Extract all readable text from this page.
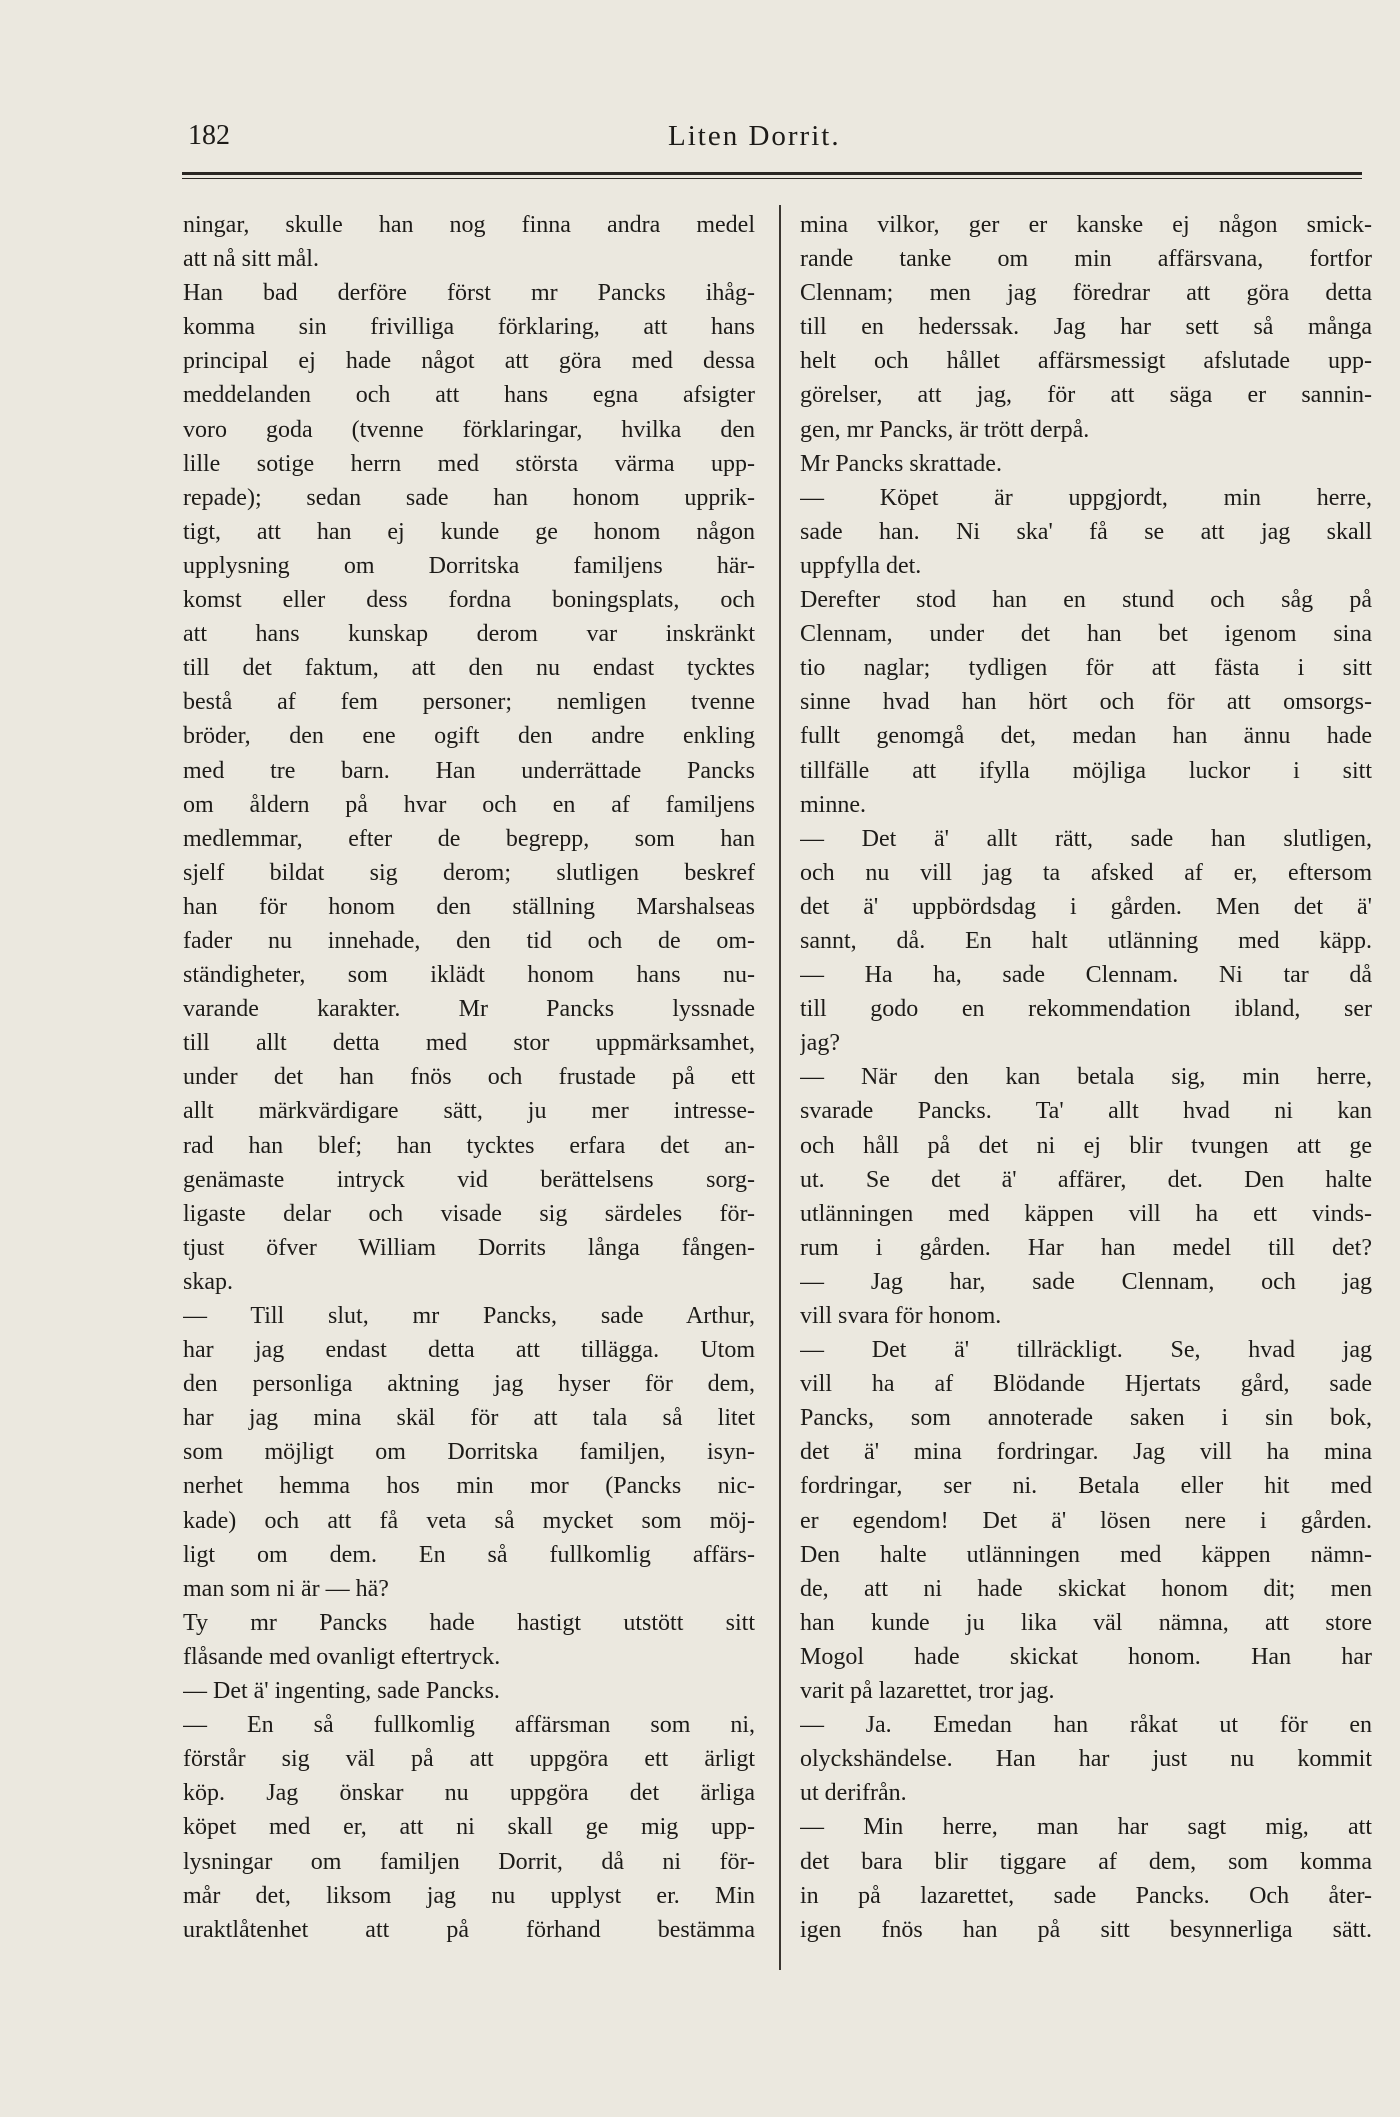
182	Liten Dorrit.
ningar, skulle han nog finna andra medel
att nå sitt mål.
Han bad derföre först mr Pancks ihåg-
komma sin frivilliga förklaring, att hans
principal ej hade något att göra med dessa
meddelanden och att hans egna afsigter
voro goda (tvenne förklaringar, hvilka den
lille sotige herrn med största värma upp-
repade); sedan sade han honom upprik-
tigt, att han ej kunde ge honom någon
upplysning om Dorritska familjens här-
komst eller dess fordna boningsplats, och
att hans kunskap derom var inskränkt
till det faktum, att den nu endast tycktes
bestå af fem personer; nemligen tvenne
bröder, den ene ogift den andre enkling
med tre barn. Han underrättade Pancks
om åldern på hvar och en af familjens
medlemmar, efter de begrepp, som han
sjelf bildat sig derom; slutligen beskref
han för honom den ställning Marshalseas
fader nu innehade, den tid och de om-
ständigheter, som iklädt honom hans nu-
varande karakter. Mr Pancks lyssnade
till allt detta med stor uppmärksamhet,
under det han fnös och frustade på ett
allt märkvärdigare sätt, ju mer intresse-
rad han blef; han tycktes erfara det an-
genämaste intryck vid berättelsens sorg-
ligaste delar och visade sig särdeles för-
tjust öfver William Dorrits långa fången-
skap.
— Till slut, mr Pancks, sade Arthur,
har jag endast detta att tillägga. Utom
den personliga aktning jag hyser för dem,
har jag mina skäl för att tala så litet
som möjligt om Dorritska familjen, isyn-
nerhet hemma hos min mor (Pancks nic-
kade) och att få veta så mycket som möj-
ligt om dem. En så fullkomlig affärs-
man som ni är — hä?
Ty mr Pancks hade hastigt utstött sitt
flåsande med ovanligt eftertryck.
— Det ä' ingenting, sade Pancks.
— En så fullkomlig affärsman som ni,
förstår sig väl på att uppgöra ett ärligt
köp. Jag önskar nu uppgöra det ärliga
köpet med er, att ni skall ge mig upp-
lysningar om familjen Dorrit, då ni för-
mår det, liksom jag nu upplyst er. Min
uraktlåtenhet att på förhand bestämma
mina vilkor, ger er kanske ej någon smick-
rande tanke om min affärsvana, fortfor
Clennam; men jag föredrar att göra detta
till en hederssak. Jag har sett så många
helt och hållet affärsmessigt afslutade upp-
görelser, att jag, för att säga er sannin-
gen, mr Pancks, är trött derpå.
Mr Pancks skrattade.
— Köpet är uppgjordt, min herre,
sade han. Ni ska' få se att jag skall
uppfylla det.
Derefter stod han en stund och såg på
Clennam, under det han bet igenom sina
tio naglar; tydligen för att fästa i sitt
sinne hvad han hört och för att omsorgs-
fullt genomgå det, medan han ännu hade
tillfälle att ifylla möjliga luckor i sitt
minne.
— Det ä' allt rätt, sade han slutligen,
och nu vill jag ta afsked af er, eftersom
det ä' uppbördsdag i gården. Men det ä'
sannt, då. En halt utlänning med käpp.
— Ha ha, sade Clennam. Ni tar då
till godo en rekommendation ibland, ser
jag?
— När den kan betala sig, min herre,
svarade Pancks. Ta' allt hvad ni kan
och håll på det ni ej blir tvungen att ge
ut. Se det ä' affärer, det. Den halte
utlänningen med käppen vill ha ett vinds-
rum i gården. Har han medel till det?
— Jag har, sade Clennam, och jag
vill svara för honom.
— Det ä' tillräckligt. Se, hvad jag
vill ha af Blödande Hjertats gård, sade
Pancks, som annoterade saken i sin bok,
det ä' mina fordringar. Jag vill ha mina
fordringar, ser ni. Betala eller hit med
er egendom! Det ä' lösen nere i gården.
Den halte utlänningen med käppen nämn-
de, att ni hade skickat honom dit; men
han kunde ju lika väl nämna, att store
Mogol hade skickat honom. Han har
varit på lazarettet, tror jag.
— Ja. Emedan han råkat ut för en
olyckshändelse. Han har just nu kommit
ut derifrån.
— Min herre, man har sagt mig, att
det bara blir tiggare af dem, som komma
in på lazarettet, sade Pancks. Och åter-
igen fnös han på sitt besynnerliga sätt.
